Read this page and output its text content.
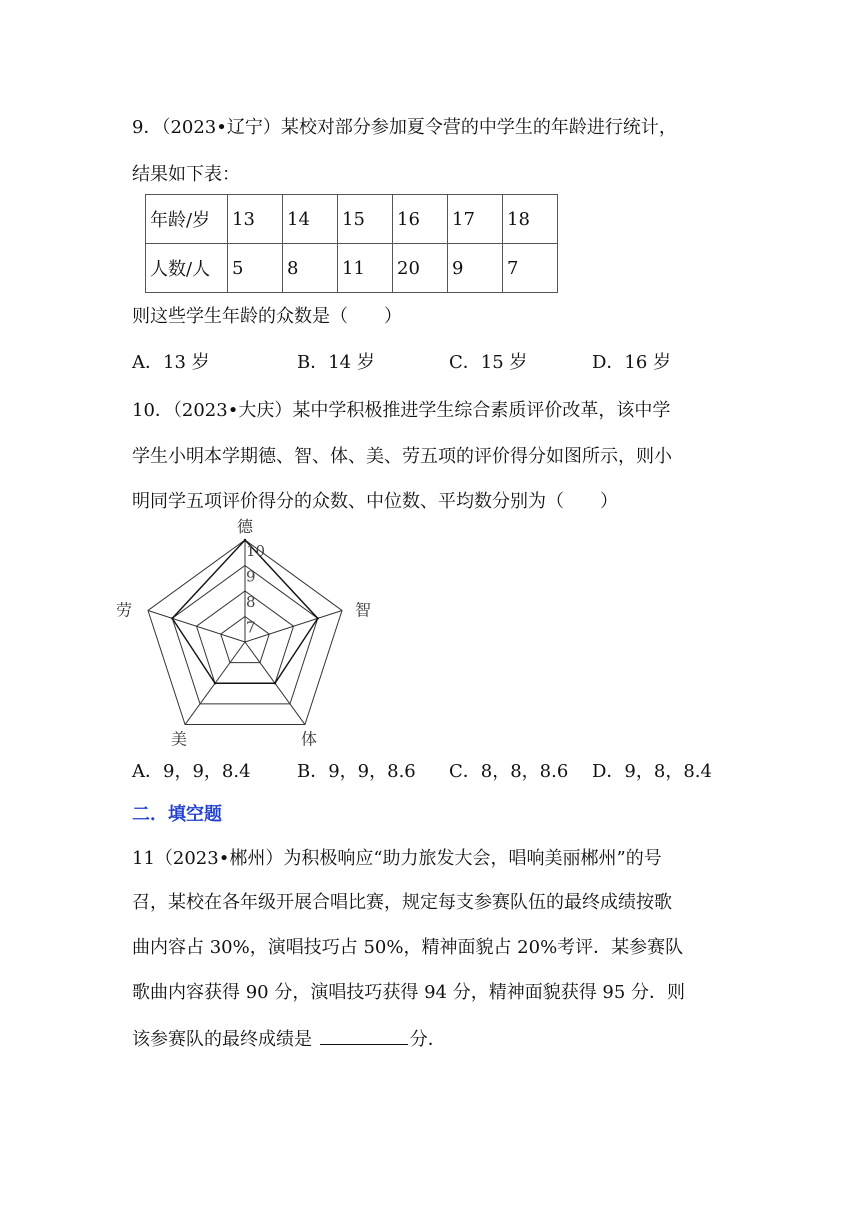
9．（2023•辽宁）某校对部分参加夏令营的中学生的年龄进行统计，
结果如下表：
年龄/岁	13	14	15	16	17	18
人数/人	5	8	11	20	9	7
则这些学生年龄的众数是（　　）
A．13 岁	B．14 岁	C．15 岁	D．16 岁
10．（2023•大庆）某中学积极推进学生综合素质评价改革，该中学
学生小明本学期德、智、体、美、劳五项的评价得分如图所示，则小
明同学五项评价得分的众数、中位数、平均数分别为（　　）
7
8
9
10
德
智
体
美
劳
A．9，9，8.4	B．9，9，8.6 C．8，8，8.6 D．9，8，8.4
二．填空题
11（2023•郴州）为积极响应“助力旅发大会，唱响美丽郴州”的号
召，某校在各年级开展合唱比赛，规定每支参赛队伍的最终成绩按歌
曲内容占 30%，演唱技巧占 50%，精神面貌占 20%考评．某参赛队
歌曲内容获得 90 分，演唱技巧获得 94 分，精神面貌获得 95 分．则
该参赛队的最终成绩是	分．
